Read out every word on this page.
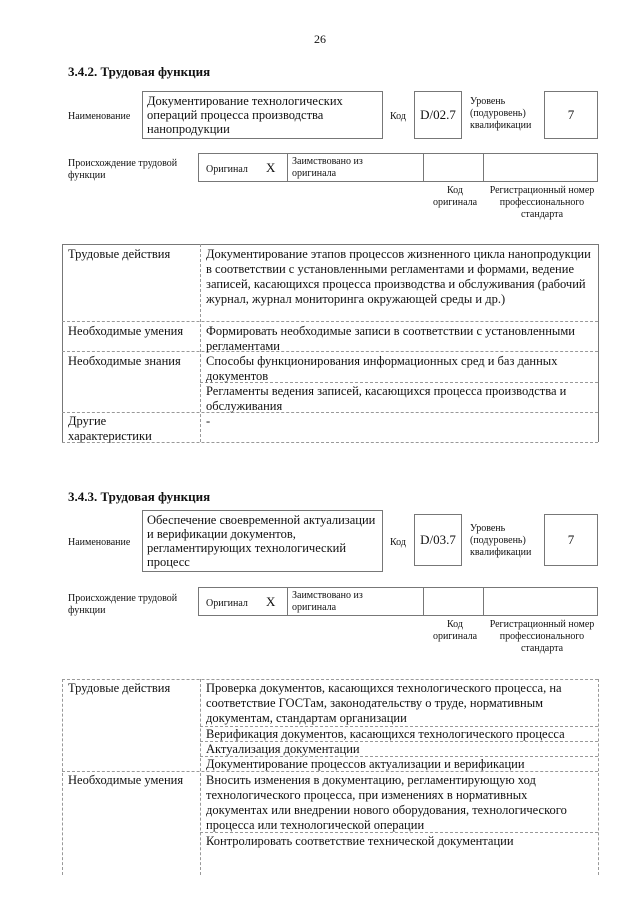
26
3.4.2. Трудовая функция
Наименование
Документирование технологических операций процесса производства нанопродукции
Код D/02.7
Уровень (подуровень) квалификации
7
Происхождение трудовой функции
Оригинал X Заимствовано из оригинала
Код оригинала
Регистрационный номер профессионального стандарта
Трудовые действия	Документирование этапов процессов жизненного цикла нанопродукции в соответствии с установленными регламентами и формами, ведение записей, касающихся процесса производства и обслуживания (рабочий журнал, журнал мониторинга окружающей среды и др.)
Необходимые умения Формировать необходимые записи в соответствии с установленными регламентами
Необходимые знания Способы функционирования информационных сред и баз данных документов
Регламенты ведения записей, касающихся процесса производства и обслуживания
Другие характеристики
-
3.4.3. Трудовая функция
Наименование
Обеспечение своевременной актуализации и верификации документов, регламентирующих технологический процесс
Код D/03.7
Уровень (подуровень) квалификации
7
Происхождение трудовой функции
Оригинал X Заимствовано из оригинала
Код оригинала
Регистрационный номер профессионального стандарта
Трудовые действия	Проверка документов, касающихся технологического процесса, на соответствие ГОСТам, законодательству о труде, нормативным документам, стандартам организации
Верификация документов, касающихся технологического процесса
Актуализация документации
Документирование процессов актуализации и верификации
Необходимые умения Вносить изменения в документацию, регламентирующую ход технологического процесса, при изменениях в нормативных документах или внедрении нового оборудования, технологического процесса или технологической операции
Контролировать соответствие технической документации
